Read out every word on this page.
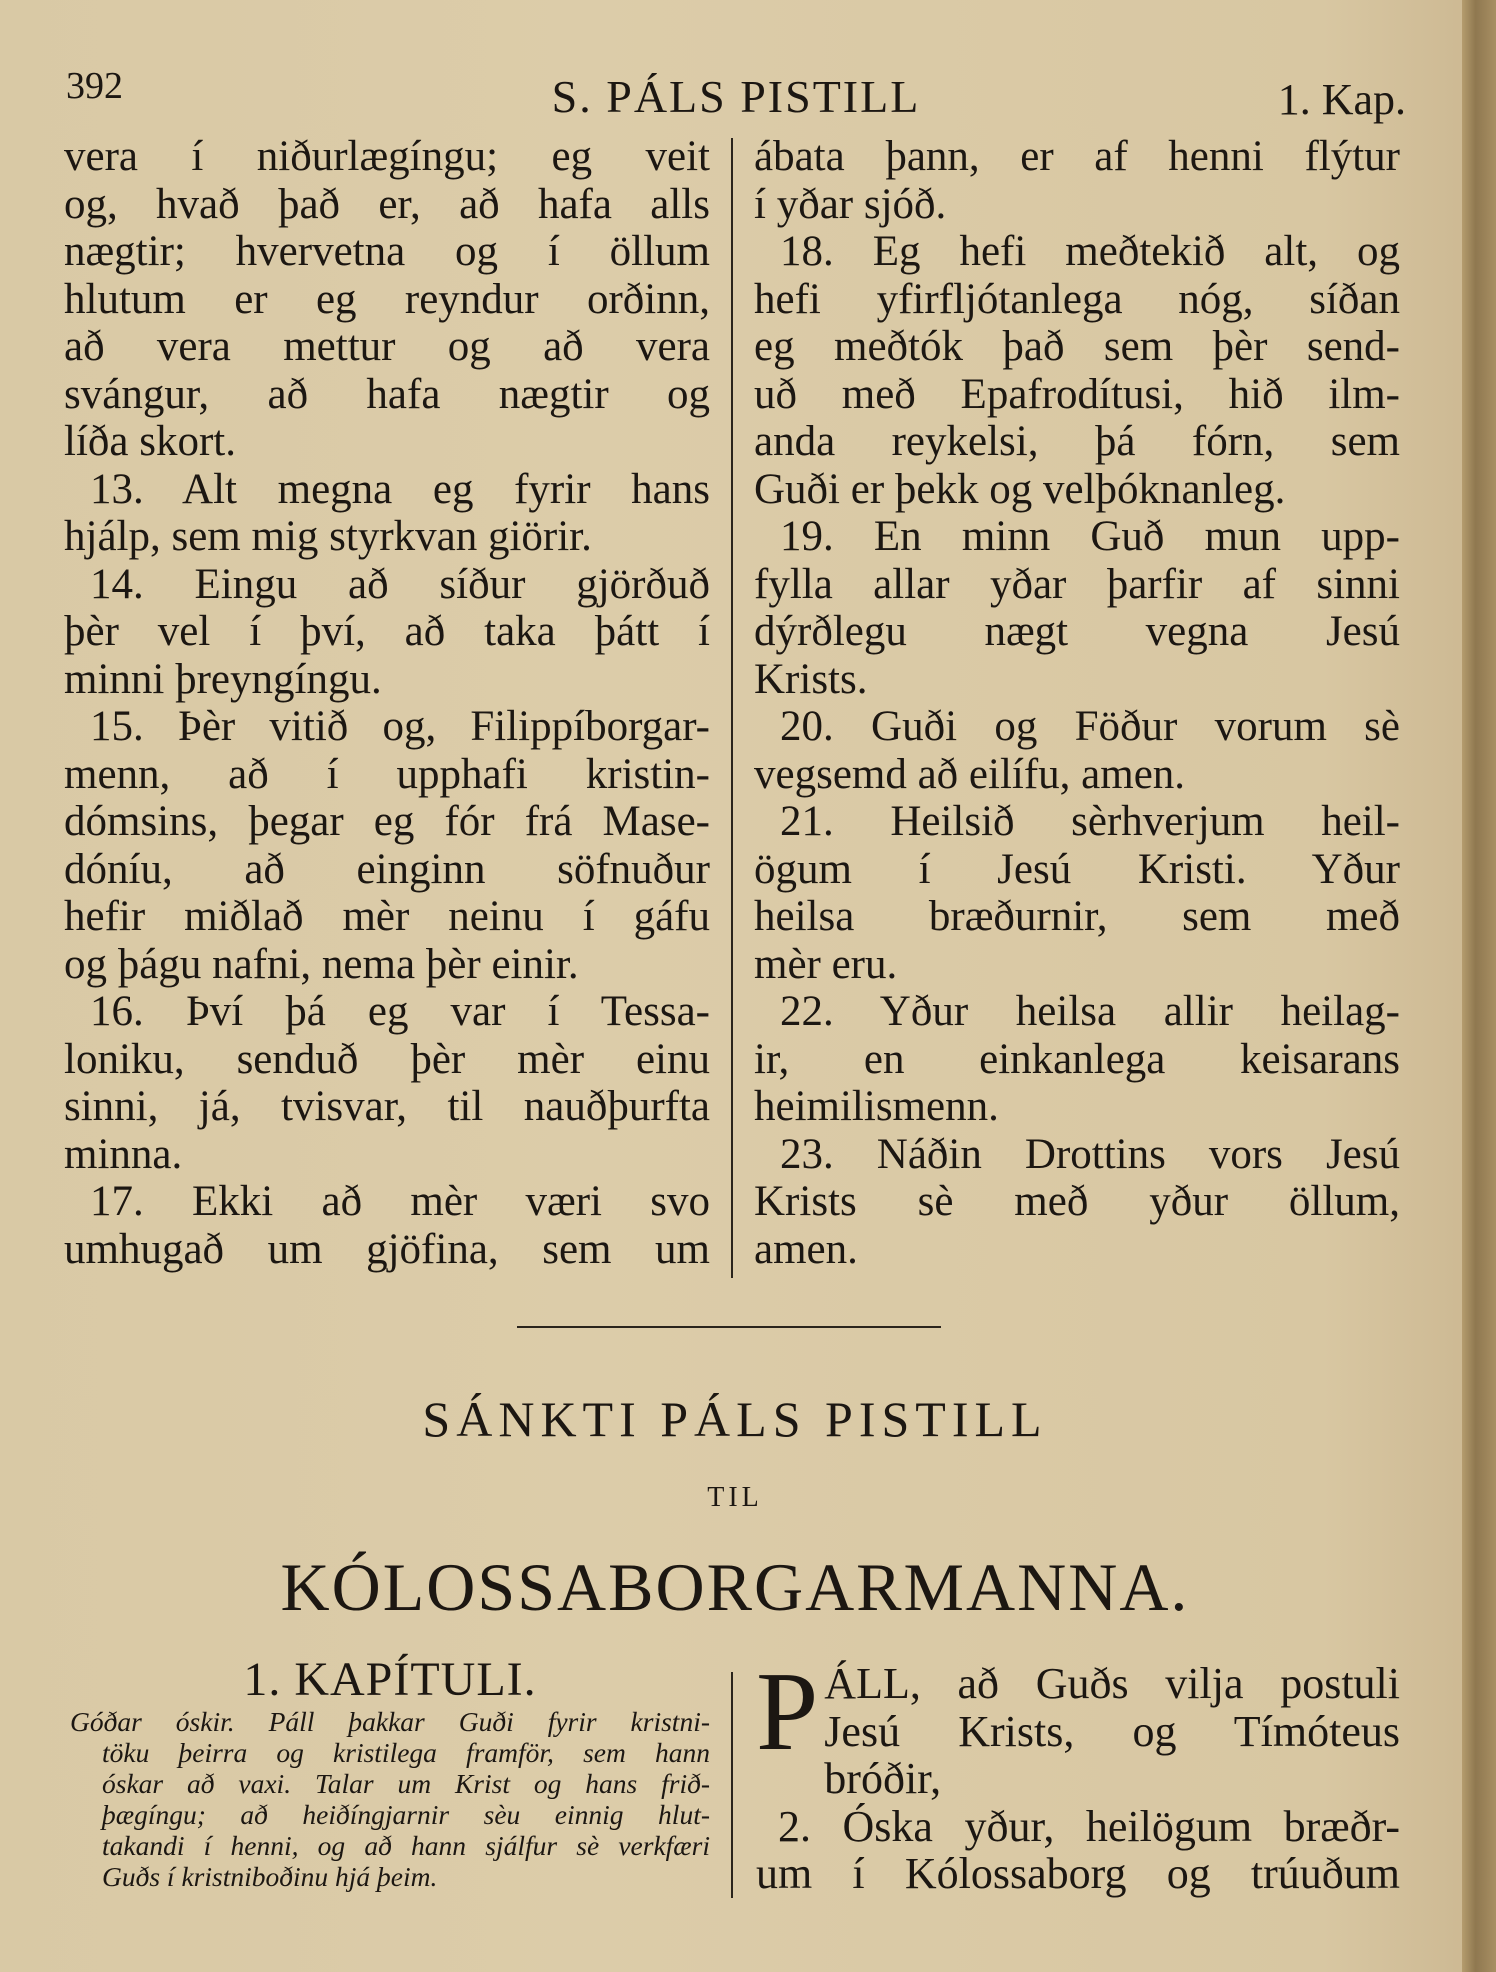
392	S. PÁLS PISTILL	1. Kap.

vera í niðurlægíngu; eg veit

og, hvað það er, að hafa alls

nægtir; hvervetna og í öllum

hlutum er eg reyndur orðinn,

að vera mettur og að vera

svángur, að hafa nægtir og

líða skort.

13. Alt megna eg fyrir hans

hjálp, sem mig styrkvan giörir.

14. Eingu að síður gjörðuð

þèr vel í því, að taka þátt í

minni þreyngíngu.

15. Þèr vitið og, Filippíborgar-

menn, að í upphafi kristin-

dómsins, þegar eg fór frá Mase-

dóníu, að einginn söfnuður

hefir miðlað mèr neinu í gáfu

og þágu nafni, nema þèr einir.

16. Því þá eg var í Tessa-

loniku, senduð þèr mèr einu

sinni, já, tvisvar, til nauðþurfta

minna.

17. Ekki að mèr væri svo

umhugað um gjöfina, sem um

ábata þann, er af henni flýtur

í yðar sjóð.

18. Eg hefi meðtekið alt, og

hefi yfirfljótanlega nóg, síðan

eg meðtók það sem þèr send-

uð með Epafrodítusi, hið ilm-

anda reykelsi, þá fórn, sem

Guði er þekk og velþóknanleg.

19. En minn Guð mun upp-

fylla allar yðar þarfir af sinni

dýrðlegu nægt vegna Jesú

Krists.

20. Guði og Föður vorum sè

vegsemd að eilífu, amen.

21. Heilsið sèrhverjum heil-

ögum í Jesú Kristi. Yður

heilsa bræðurnir, sem með

mèr eru.

22. Yður heilsa allir heilag-

ir, en einkanlega keisarans

heimilismenn.

23. Náðin Drottins vors Jesú

Krists sè með yður öllum,

amen.

SÁNKTI PÁLS PISTILL
TIL
KÓLOSSABORGARMANNA.
1. KAPÍTULI.

Góðar óskir. Páll þakkar Guði fyrir kristni-

töku þeirra og kristilega framför, sem hann

óskar að vaxi. Talar um Krist og hans frið-

þægíngu; að heiðíngjarnir sèu einnig hlut-

takandi í henni, og að hann sjálfur sè verkfæri

Guðs í kristniboðinu hjá þeim.

P ÁLL, að Guðs vilja postuli

Jesú Krists, og Tímóteus

bróðir,

2. Óska yður, heilögum bræðr-

um í Kólossaborg og trúuðum
